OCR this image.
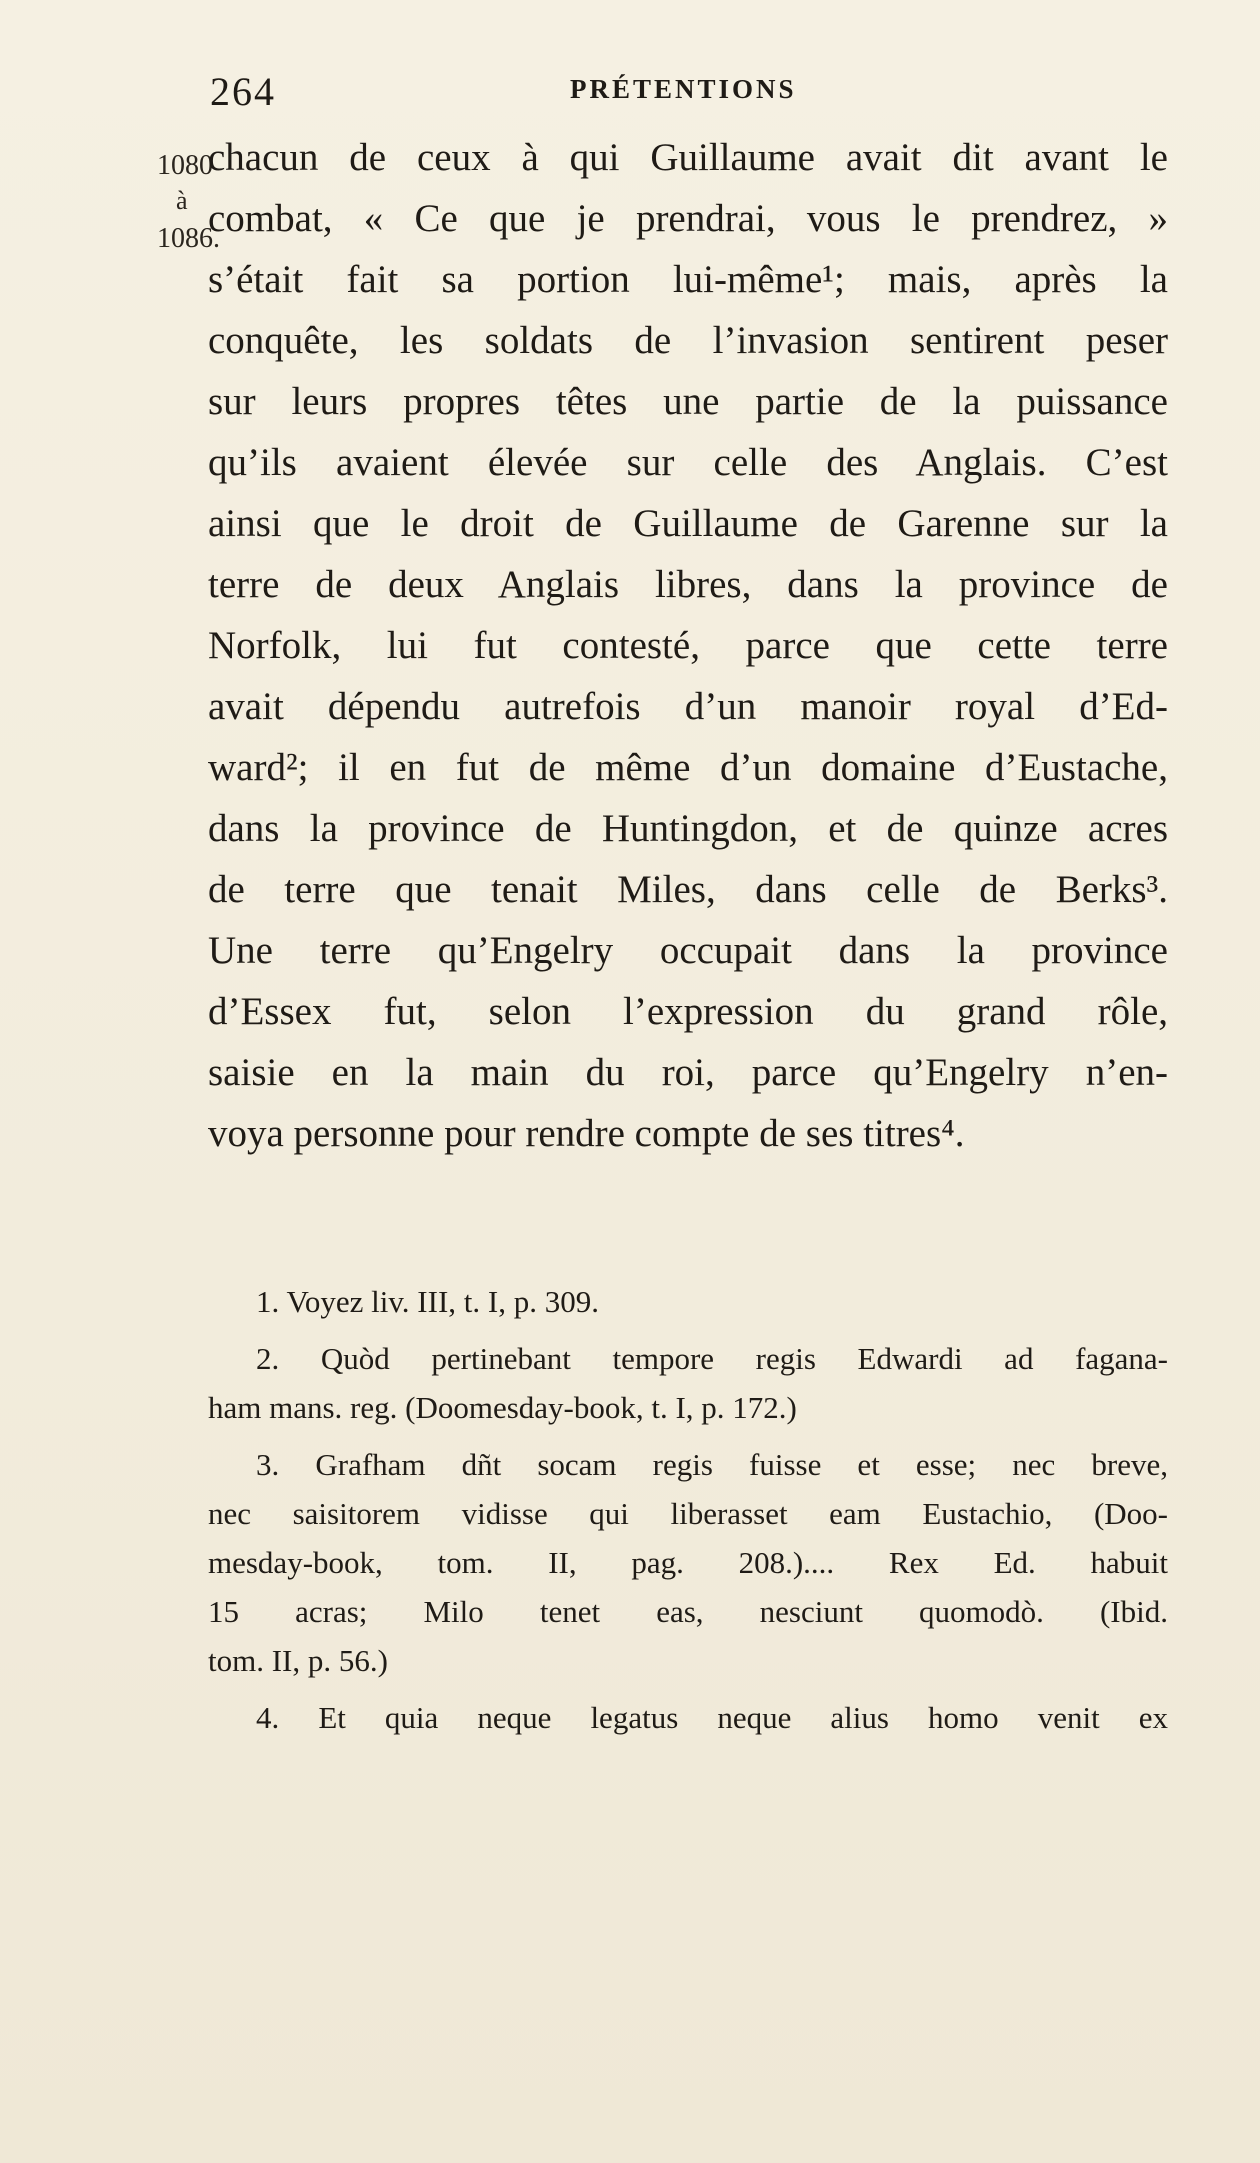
264	PRÉTENTIONS
1080
à
1086.
chacun de ceux à qui Guillaume avait dit avant le
combat, « Ce que je prendrai, vous le prendrez, »
s’était fait sa portion lui-même¹; mais, après la
conquête, les soldats de l’invasion sentirent peser
sur leurs propres têtes une partie de la puissance
qu’ils avaient élevée sur celle des Anglais. C’est
ainsi que le droit de Guillaume de Garenne sur la
terre de deux Anglais libres, dans la province de
Norfolk, lui fut contesté, parce que cette terre
avait dépendu autrefois d’un manoir royal d’Ed-
ward²; il en fut de même d’un domaine d’Eustache,
dans la province de Huntingdon, et de quinze acres
de terre que tenait Miles, dans celle de Berks³.
Une terre qu’Engelry occupait dans la province
d’Essex fut, selon l’expression du grand rôle,
saisie en la main du roi, parce qu’Engelry n’en-
voya personne pour rendre compte de ses titres⁴.
1. Voyez liv. III, t. I, p. 309.
2. Quòd pertinebant tempore regis Edwardi ad fagana-
ham mans. reg. (Doomesday-book, t. I, p. 172.)
3. Grafham dñt socam regis fuisse et esse; nec breve,
nec saisitorem vidisse qui liberasset eam Eustachio, (Doo-
mesday-book, tom. II, pag. 208.).... Rex Ed. habuit
15 acras; Milo tenet eas, nesciunt quomodò. (Ibid.
tom. II, p. 56.)
4. Et quia neque legatus neque alius homo venit ex
